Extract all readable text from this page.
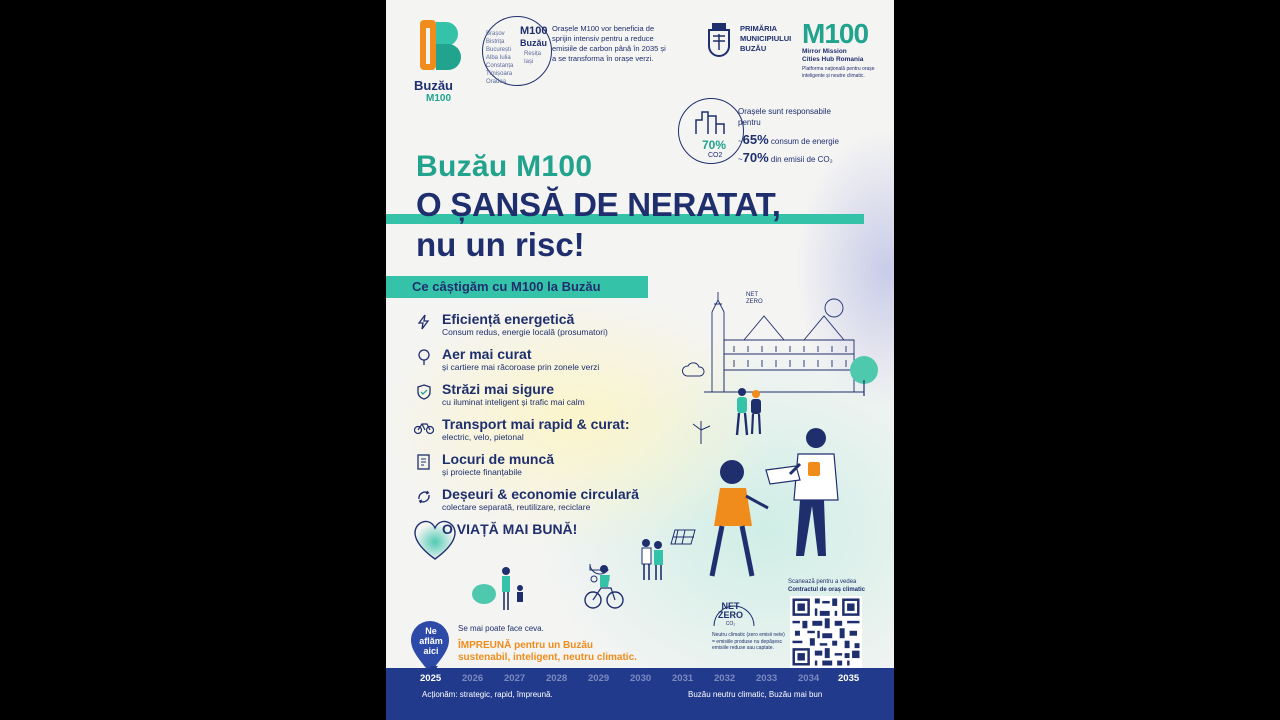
Buzău
M100
Brașov
Bistrița
București
Alba Iulia
Constanța
Timișoara
Oradea
M100
Buzău
Reșița
Iași
Orașele M100 vor beneficia de sprijin intensiv pentru a reduce emisiile de carbon până în 2035 și a se transforma în orașe verzi.
PRIMĂRIA
MUNICIPIULUI
BUZĂU	M100
Mirror Mission
Cities Hub Romania
Platforma națională pentru orașe inteligente și neutre climatic.
70%
CO2
Orașele sunt responsabile pentru
~65% consum de energie
~70% din emisii de CO₂
Buzău M100
O ȘANSĂ DE NERATAT,
nu un risc!
Ce câștigăm cu M100 la Buzău
Eficiență energetică
Consum redus, energie locală (prosumatori)
Aer mai curat
și cartiere mai răcoroase prin zonele verzi
Străzi mai sigure
cu iluminat inteligent și trafic mai calm
Transport mai rapid & curat:
electric, velo, pietonal
Locuri de muncă
și proiecte finanțabile
Deșeuri & economie circulară
colectare separată, reutilizare, reciclare
O VIAȚĂ MAI BUNĂ!
NET
ZERO
NET
ZERO
CO₂
Neutru climatic (zero emisii nete) = emisiile produse nu depășesc emisiile reduse sau captate.
Scanează pentru a vedea
Contractul de oraș climatic
Ne
aflăm
aici
Se mai poate face ceva.
ÎMPREUNĂ pentru un Buzău
sustenabil, inteligent, neutru climatic.
2025 2026 2027 2028 2029 2030 2031 2032 2033 2034 2035
Acționăm: strategic, rapid, împreună.	Buzău neutru climatic, Buzău mai bun
